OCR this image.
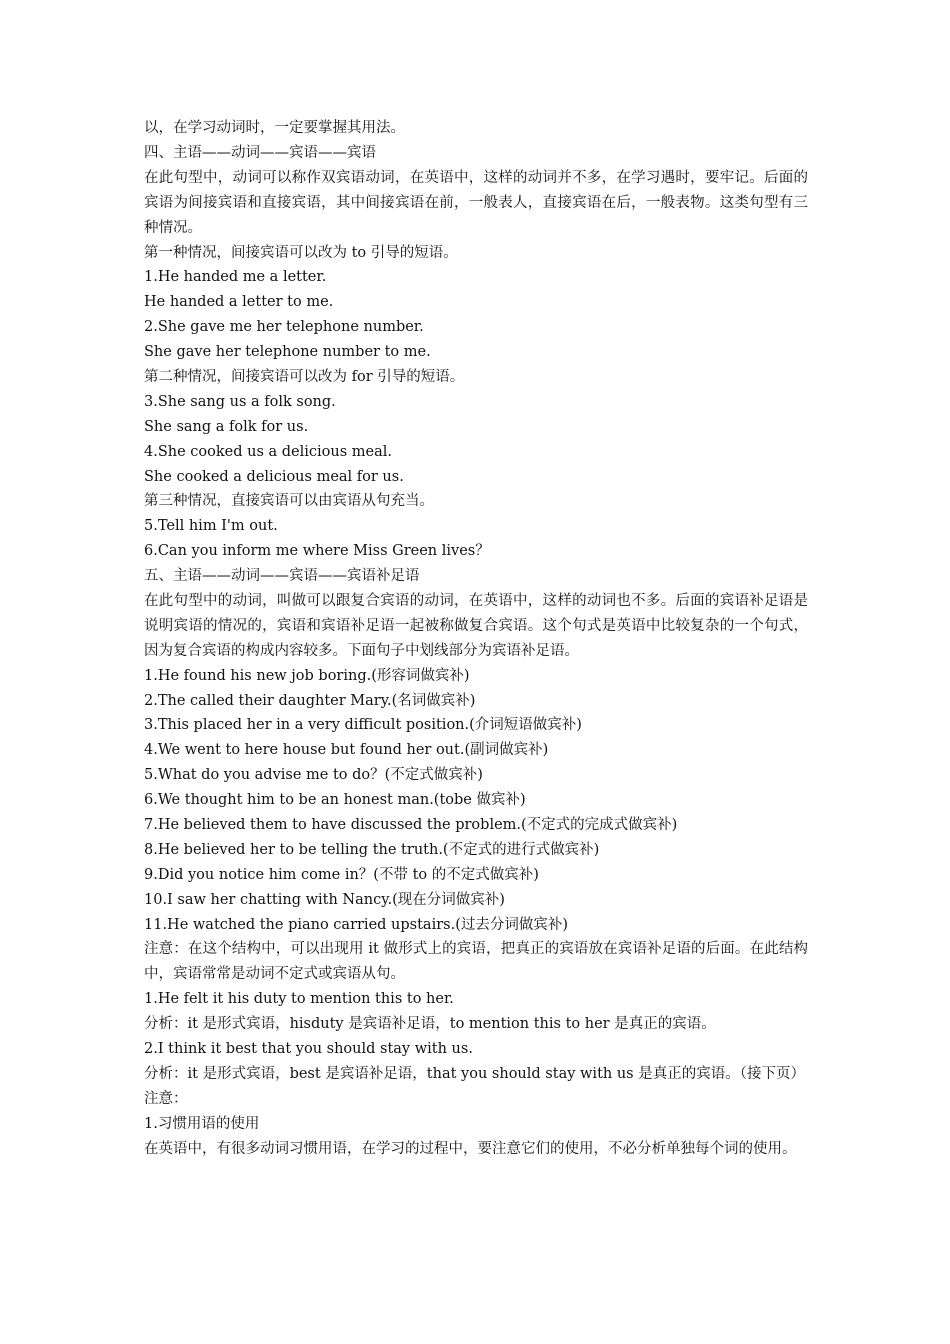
以，在学习动词时，一定要掌握其用法。
四、主语——动词——宾语——宾语
在此句型中，动词可以称作双宾语动词，在英语中，这样的动词并不多，在学习遇时，要牢记。后面的宾语为间接宾语和直接宾语，其中间接宾语在前，一般表人，直接宾语在后，一般表物。这类句型有三种情况。
第一种情况，间接宾语可以改为 to 引导的短语。
1.He handed me a letter.
He handed a letter to me.
2.She gave me her telephone number.
She gave her telephone number to me.
第二种情况，间接宾语可以改为 for 引导的短语。
3.She sang us a folk song.
She sang a folk for us.
4.She cooked us a delicious meal.
She cooked a delicious meal for us.
第三种情况，直接宾语可以由宾语从句充当。
5.Tell him I'm out.
6.Can you inform me where Miss Green lives？
五、主语——动词——宾语——宾语补足语
在此句型中的动词，叫做可以跟复合宾语的动词，在英语中，这样的动词也不多。后面的宾语补足语是说明宾语的情况的，宾语和宾语补足语一起被称做复合宾语。这个句式是英语中比较复杂的一个句式，因为复合宾语的构成内容较多。下面句子中划线部分为宾语补足语。
1.He found his new job boring.(形容词做宾补)
2.The called their daughter Mary.(名词做宾补)
3.This placed her in a very difficult position.(介词短语做宾补)
4.We went to here house but found her out.(副词做宾补)
5.What do you advise me to do？(不定式做宾补)
6.We thought him to be an honest man.(tobe 做宾补)
7.He believed them to have discussed the problem.(不定式的完成式做宾补)
8.He believed her to be telling the truth.(不定式的进行式做宾补)
9.Did you notice him come in？(不带 to 的不定式做宾补)
10.I saw her chatting with Nancy.(现在分词做宾补)
11.He watched the piano carried upstairs.(过去分词做宾补)
注意：在这个结构中，可以出现用 it 做形式上的宾语，把真正的宾语放在宾语补足语的后面。在此结构中，宾语常常是动词不定式或宾语从句。
1.He felt it his duty to mention this to her.
分析：it 是形式宾语，hisduty 是宾语补足语，to mention this to her 是真正的宾语。
2.I think it best that you should stay with us.
分析：it 是形式宾语，best 是宾语补足语，that you should stay with us 是真正的宾语。（接下页）
注意：
1.习惯用语的使用
在英语中，有很多动词习惯用语，在学习的过程中，要注意它们的使用，不必分析单独每个词的使用。
